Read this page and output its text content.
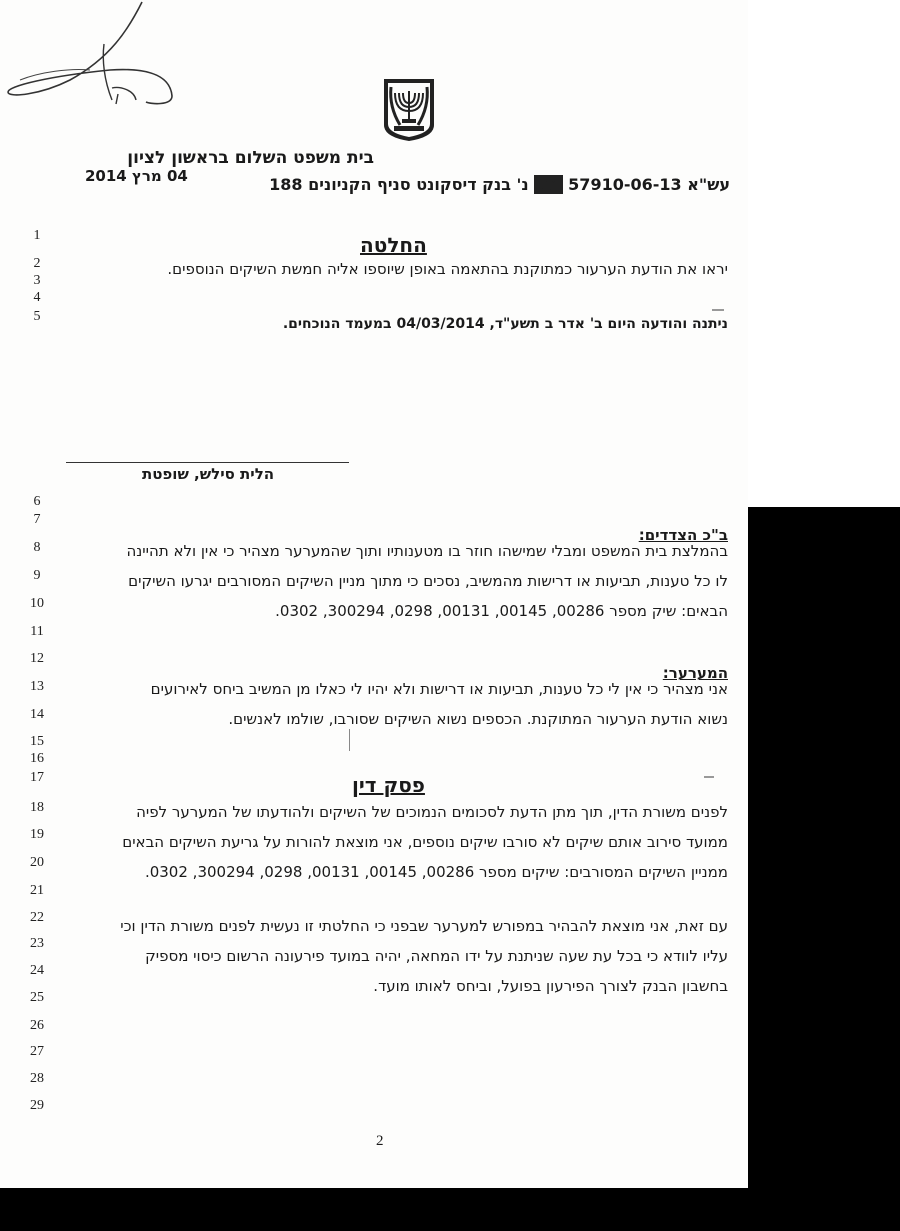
1
2
3
4
5
6
7
8
9
10
11
12
13
14
15
16
17
18
19
20
21
22
23
24
25
26
27
28
29
בית משפט השלום בראשון לציון
04 מרץ 2014	עש"א 57910-06-13 מנו נ' בנק דיסקונט סניף הקניונים 188
החלטה
יראו את הודעת הערעור כמתוקנת בהתאמה באופן שיוספו אליה חמשת השיקים הנוספים.
ניתנה והודעה היום ב' אדר ב תשע"ד, 04/03/2014 במעמד הנוכחים.
הלית סילש, שופטת
ב"כ הצדדים:
בהמלצת בית המשפט ומבלי שמישהו חוזר בו מטענותיו ותוך שהמערער מצהיר כי אין ולא תהיינה
לו כל טענות, תביעות או דרישות מהמשיב, נסכים כי מתוך מניין השיקים המסורבים יגרעו השיקים
הבאים: שיק מספר 00286, 00145, 00131, 0298, 300294, 0302.
המערער:
אני מצהיר כי אין לי כל טענות, תביעות או דרישות ולא יהיו לי כאלו מן המשיב ביחס לאירועים
נשוא הודעת הערעור המתוקנת. הכספים נשוא השיקים שסורבו, שולמו לאנשים.
פסק דין
לפנים משורת הדין, תוך מתן הדעת לסכומים הנמוכים של השיקים ולהודעתו של המערער לפיה
ממועד סירוב אותם שיקים לא סורבו שיקים נוספים, אני מוצאת להורות על גריעת השיקים הבאים
ממניין השיקים המסורבים: שיקים מספר 00286, 00145, 00131, 0298, 300294, 0302.
עם זאת, אני מוצאת להבהיר במפורש למערער שבפני כי החלטתי זו נעשית לפנים משורת הדין וכי
עליו לוודא כי בכל עת שעה שניתנת על ידו המחאה, יהיה במועד פירעונה הרשום כיסוי מספיק
בחשבון הבנק לצורך הפירעון בפועל, וביחס לאותו מועד.
2
